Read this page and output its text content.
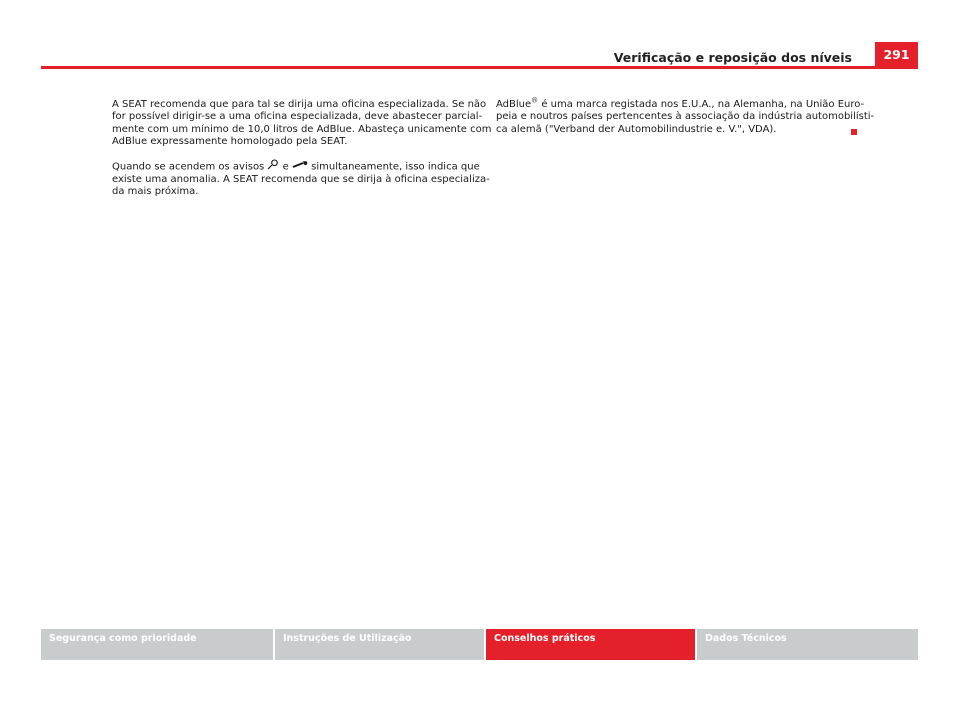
Verificação e reposição dos níveis	291

A SEAT recomenda que para tal se dirija uma oficina especializada. Se não
for possível dirigir-se a uma oficina especializada, deve abastecer parcial-
mente com um mínimo de 10,0 litros de AdBlue. Abasteça unicamente com
AdBlue expressamente homologado pela SEAT.

Quando se acendem os avisos e simultaneamente, isso indica que
existe uma anomalia. A SEAT recomenda que se dirija à oficina especializa-
da mais próxima.

AdBlue® é uma marca registada nos E.U.A., na Alemanha, na União Euro-
peia e noutros países pertencentes à associação da indústria automobilísti-
ca alemã ("Verband der Automobilindustrie e. V.", VDA).

Segurança como prioridade	Instruções de Utilização	Conselhos práticos	Dados Técnicos
